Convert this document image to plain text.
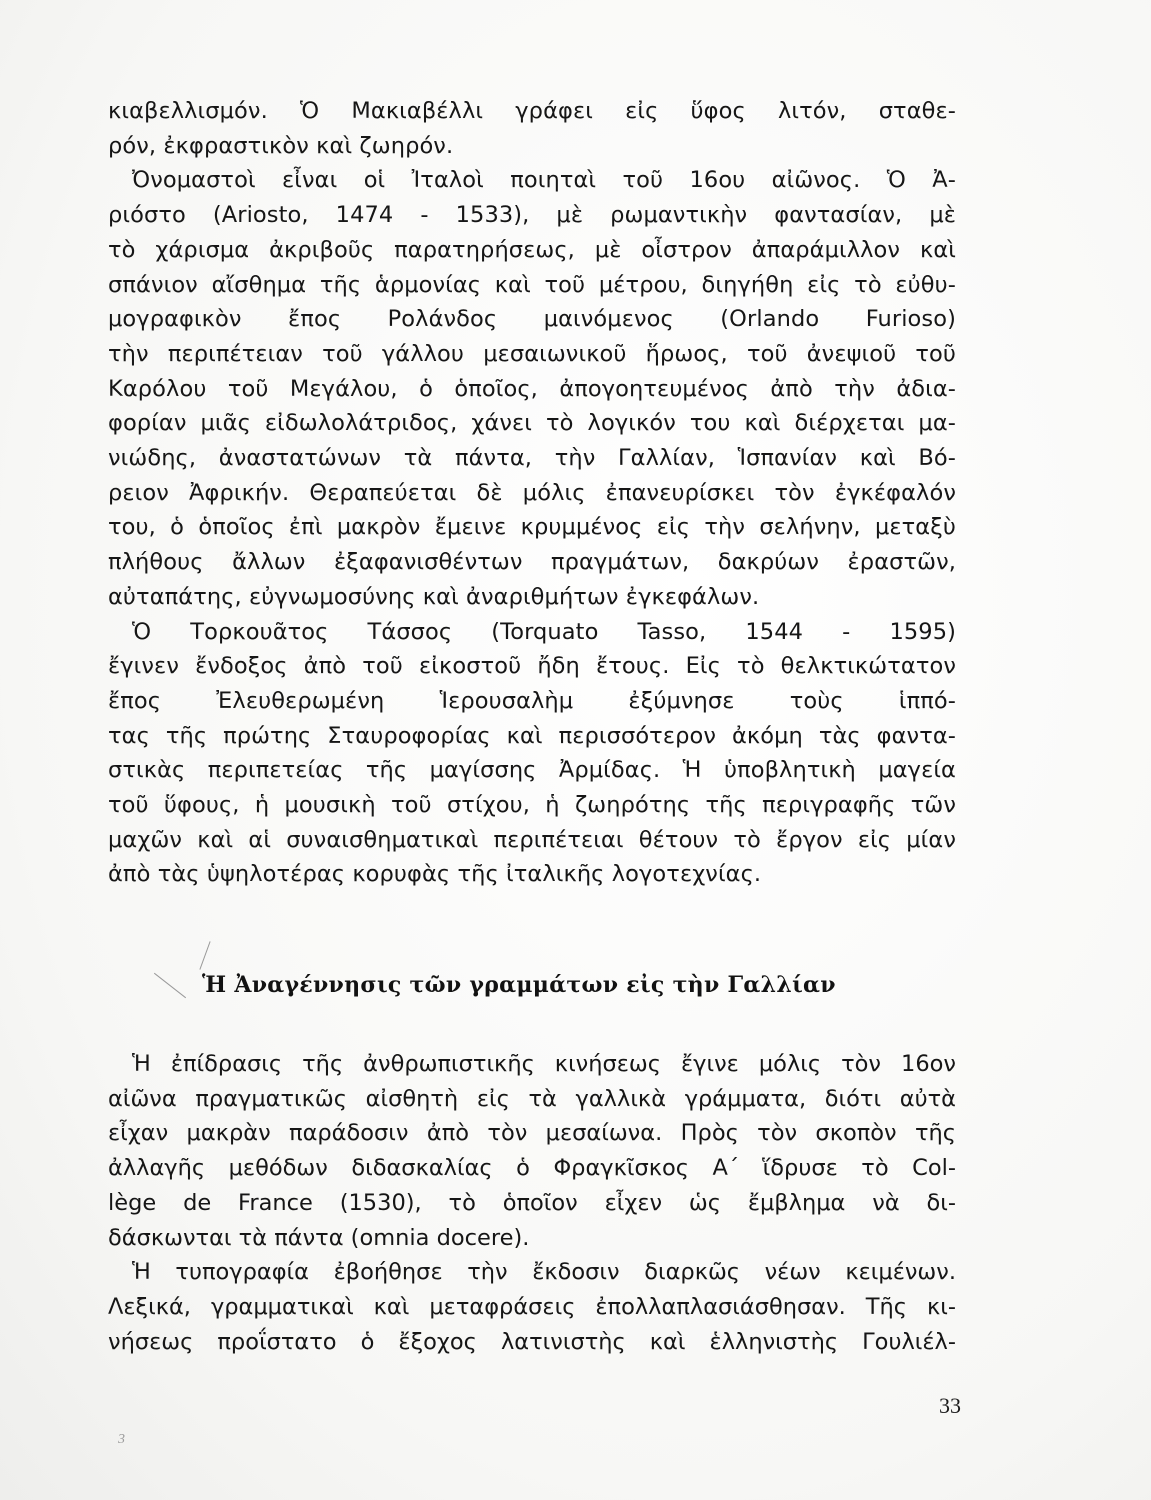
κιαβελλισμόν. Ὁ Μακιαβέλλι γράφει εἰς ὕφος λιτόν, σταθε-
ρόν, ἐκφραστικὸν καὶ ζωηρόν.
Ὀνομαστοὶ εἶναι οἱ Ἰταλοὶ ποιηταὶ τοῦ 16ου αἰῶνος. Ὁ Ἀ-
ριόστο (Ariosto, 1474 - 1533), μὲ ρωμαντικὴν φαντασίαν, μὲ
τὸ χάρισμα ἀκριβοῦς παρατηρήσεως, μὲ οἶστρον ἀπαράμιλλον καὶ
σπάνιον αἴσθημα τῆς ἁρμονίας καὶ τοῦ μέτρου, διηγήθη εἰς τὸ εὐθυ-
μογραφικὸν ἔπος Ρολάνδος μαινόμενος (Orlando Furioso)
τὴν περιπέτειαν τοῦ γάλλου μεσαιωνικοῦ ἥρωος, τοῦ ἀνεψιοῦ τοῦ
Καρόλου τοῦ Μεγάλου, ὁ ὁποῖος, ἀπογοητευμένος ἀπὸ τὴν ἀδια-
φορίαν μιᾶς εἰδωλολάτριδος, χάνει τὸ λογικόν του καὶ διέρχεται μα-
νιώδης, ἀναστατώνων τὰ πάντα, τὴν Γαλλίαν, Ἱσπανίαν καὶ Βό-
ρειον Ἀφρικήν. Θεραπεύεται δὲ μόλις ἐπανευρίσκει τὸν ἐγκέφαλόν
του, ὁ ὁποῖος ἐπὶ μακρὸν ἔμεινε κρυμμένος εἰς τὴν σελήνην, μεταξὺ
πλήθους ἄλλων ἐξαφανισθέντων πραγμάτων, δακρύων ἐραστῶν,
αὐταπάτης, εὐγνωμοσύνης καὶ ἀναριθμήτων ἐγκεφάλων.
Ὁ Τορκουᾶτος Τάσσος (Torquato Tasso, 1544 - 1595)
ἔγινεν ἔνδοξος ἀπὸ τοῦ εἰκοστοῦ ἤδη ἔτους. Εἰς τὸ θελκτικώτατον
ἔπος Ἐλευθερωμένη Ἱερουσαλὴμ ἐξύμνησε τοὺς ἱππό-
τας τῆς πρώτης Σταυροφορίας καὶ περισσότερον ἀκόμη τὰς φαντα-
στικὰς περιπετείας τῆς μαγίσσης Ἀρμίδας. Ἡ ὑποβλητικὴ μαγεία
τοῦ ὕφους, ἡ μουσικὴ τοῦ στίχου, ἡ ζωηρότης τῆς περιγραφῆς τῶν
μαχῶν καὶ αἱ συναισθηματικαὶ περιπέτειαι θέτουν τὸ ἔργον εἰς μίαν
ἀπὸ τὰς ὑψηλοτέρας κορυφὰς τῆς ἰταλικῆς λογοτεχνίας.
Ἡ Ἀναγέννησις τῶν γραμμάτων εἰς τὴν Γαλλίαν
Ἡ ἐπίδρασις τῆς ἀνθρωπιστικῆς κινήσεως ἔγινε μόλις τὸν 16ον
αἰῶνα πραγματικῶς αἰσθητὴ εἰς τὰ γαλλικὰ γράμματα, διότι αὐτὰ
εἶχαν μακρὰν παράδοσιν ἀπὸ τὸν μεσαίωνα. Πρὸς τὸν σκοπὸν τῆς
ἀλλαγῆς μεθόδων διδασκαλίας ὁ Φραγκῖσκος Α΄ ἵδρυσε τὸ Col-
lège de France (1530), τὸ ὁποῖον εἶχεν ὡς ἔμβλημα νὰ δι-
δάσκωνται τὰ πάντα (omnia docere).
Ἡ τυπογραφία ἐβοήθησε τὴν ἔκδοσιν διαρκῶς νέων κειμένων.
Λεξικά, γραμματικαὶ καὶ μεταφράσεις ἐπολλαπλασιάσθησαν. Τῆς κι-
νήσεως προΐστατο ὁ ἔξοχος λατινιστὴς καὶ ἑλληνιστὴς Γουλιέλ-
33
3
